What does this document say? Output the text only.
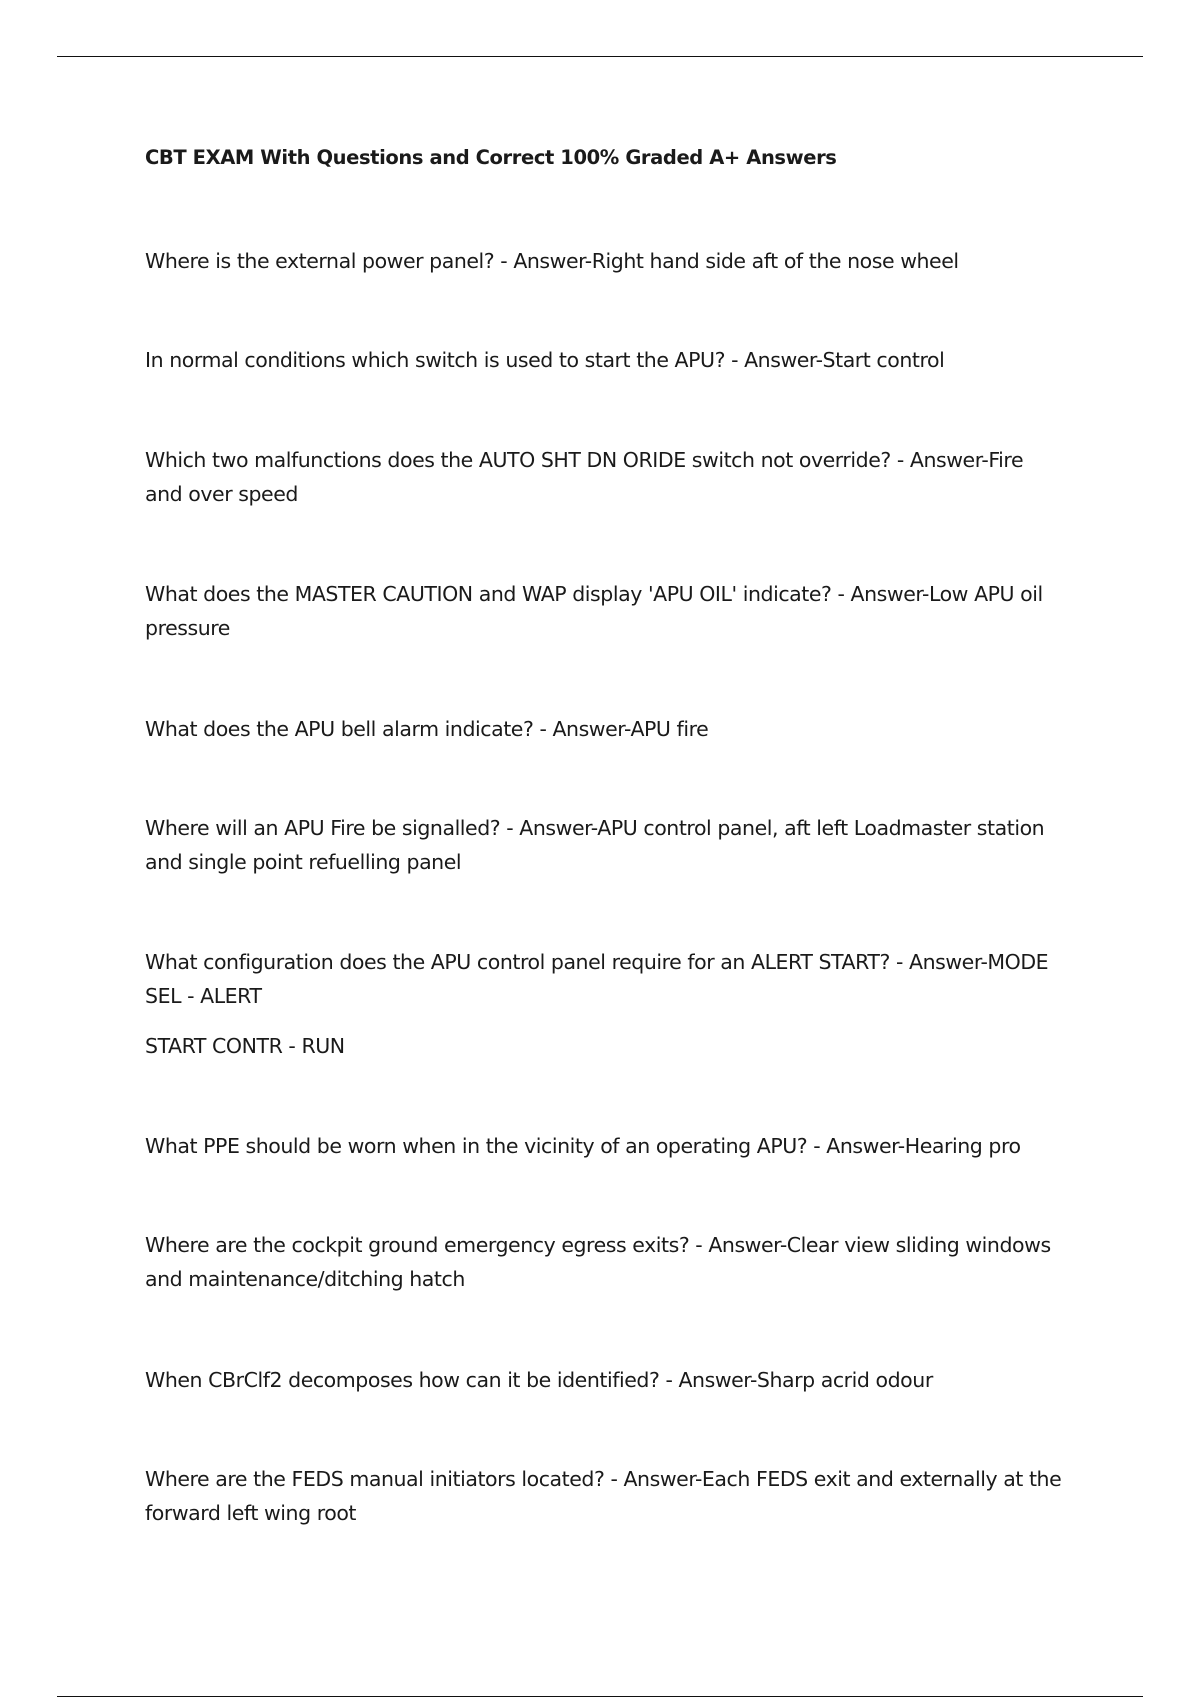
CBT EXAM With Questions and Correct 100% Graded A+ Answers

Where is the external power panel? - Answer-Right hand side aft of the nose wheel

In normal conditions which switch is used to start the APU? - Answer-Start control

Which two malfunctions does the AUTO SHT DN ORIDE switch not override? - Answer-Fire and over speed

What does the MASTER CAUTION and WAP display 'APU OIL' indicate? - Answer-Low APU oil pressure

What does the APU bell alarm indicate? - Answer-APU fire

Where will an APU Fire be signalled? - Answer-APU control panel, aft left Loadmaster station and single point refuelling panel

What configuration does the APU control panel require for an ALERT START? - Answer-MODE SEL - ALERT

START CONTR - RUN

What PPE should be worn when in the vicinity of an operating APU? - Answer-Hearing pro

Where are the cockpit ground emergency egress exits? - Answer-Clear view sliding windows and maintenance/ditching hatch

When CBrClf2 decomposes how can it be identified? - Answer-Sharp acrid odour

Where are the FEDS manual initiators located? - Answer-Each FEDS exit and externally at the forward left wing root
